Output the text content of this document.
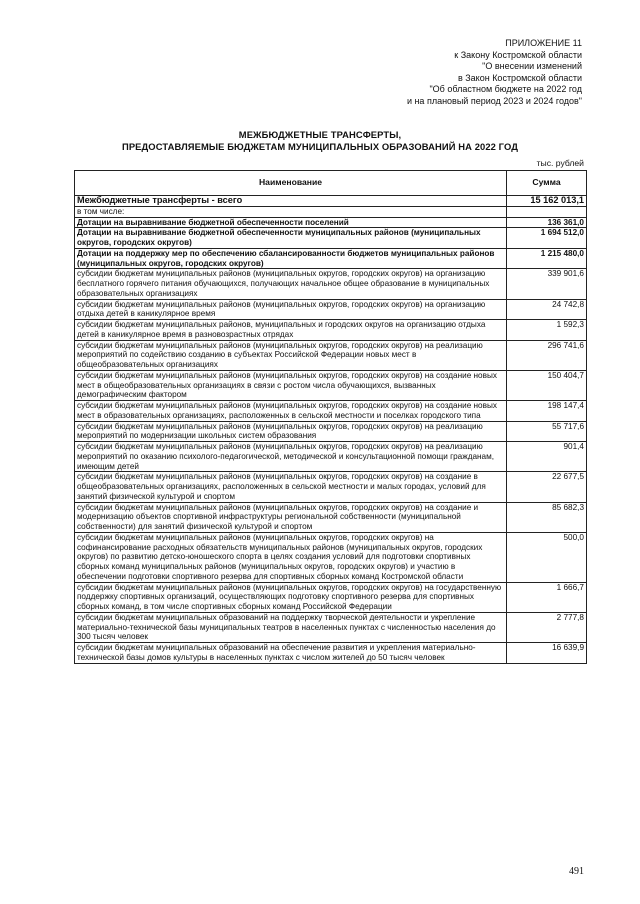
ПРИЛОЖЕНИЕ 11
к Закону Костромской области
"О внесении изменений
в Закон Костромской области
"Об областном бюджете на 2022 год
и на плановый период 2023 и 2024 годов"
МЕЖБЮДЖЕТНЫЕ ТРАНСФЕРТЫ,
ПРЕДОСТАВЛЯЕМЫЕ БЮДЖЕТАМ МУНИЦИПАЛЬНЫХ ОБРАЗОВАНИЙ НА 2022 ГОД
тыс. рублей
Наименование	Сумма
Межбюджетные трансферты - всего	15 162 013,1
в том числе:	
Дотации на выравнивание бюджетной обеспеченности поселений	136 361,0
Дотации на выравнивание бюджетной обеспеченности муниципальных районов (муниципальных округов, городских округов)	1 694 512,0
Дотации на поддержку мер по обеспечению сбалансированности бюджетов муниципальных районов (муниципальных округов, городских округов)	1 215 480,0
субсидии бюджетам муниципальных районов (муниципальных округов, городских округов) на организацию бесплатного горячего питания обучающихся, получающих начальное общее образование в муниципальных образовательных организациях	339 901,6
субсидии бюджетам муниципальных районов (муниципальных округов, городских округов) на организацию отдыха детей в каникулярное время	24 742,8
субсидии бюджетам муниципальных районов, муниципальных и городских округов на организацию отдыха детей в каникулярное время в разновозрастных отрядах	1 592,3
субсидии бюджетам муниципальных районов (муниципальных округов, городских округов) на реализацию мероприятий по содействию созданию в субъектах Российской Федерации новых мест в общеобразовательных организациях	296 741,6
субсидии бюджетам муниципальных районов (муниципальных округов, городских округов) на создание новых мест в общеобразовательных организациях в связи с ростом числа обучающихся, вызванных демографическим фактором	150 404,7
субсидии бюджетам муниципальных районов (муниципальных округов, городских округов) на создание новых мест в образовательных организациях, расположенных в сельской местности и поселках городского типа	198 147,4
субсидии бюджетам муниципальных районов (муниципальных округов, городских округов) на реализацию мероприятий по модернизации школьных систем образования	55 717,6
субсидии бюджетам муниципальных районов (муниципальных округов, городских округов) на реализацию мероприятий по оказанию психолого-педагогической, методической и консультационной помощи гражданам, имеющим детей	901,4
субсидии бюджетам муниципальных районов (муниципальных округов, городских округов) на создание в общеобразовательных организациях, расположенных в сельской местности и малых городах, условий для занятий физической культурой и спортом	22 677,5
субсидии бюджетам муниципальных районов (муниципальных округов, городских округов) на создание и модернизацию объектов спортивной инфраструктуры региональной собственности (муниципальной собственности) для занятий физической культурой и спортом	85 682,3
субсидии бюджетам муниципальных районов (муниципальных округов, городских округов) на софинансирование расходных обязательств муниципальных районов (муниципальных округов, городских округов) по развитию детско-юношеского спорта в целях создания условий для подготовки спортивных сборных команд муниципальных районов (муниципальных округов, городских округов) и участию в обеспечении подготовки спортивного резерва для спортивных сборных команд Костромской области	500,0
субсидии бюджетам муниципальных районов (муниципальных округов, городских округов) на государственную поддержку спортивных организаций, осуществляющих подготовку спортивного резерва для спортивных сборных команд, в том числе спортивных сборных команд Российской Федерации	1 666,7
субсидии бюджетам муниципальных образований на поддержку творческой деятельности и укрепление материально-технической базы муниципальных театров в населенных пунктах с численностью населения до 300 тысяч человек	2 777,8
субсидии бюджетам муниципальных образований на обеспечение развития и укрепления материально-технической базы домов культуры в населенных пунктах с числом жителей до 50 тысяч человек	16 639,9
491
